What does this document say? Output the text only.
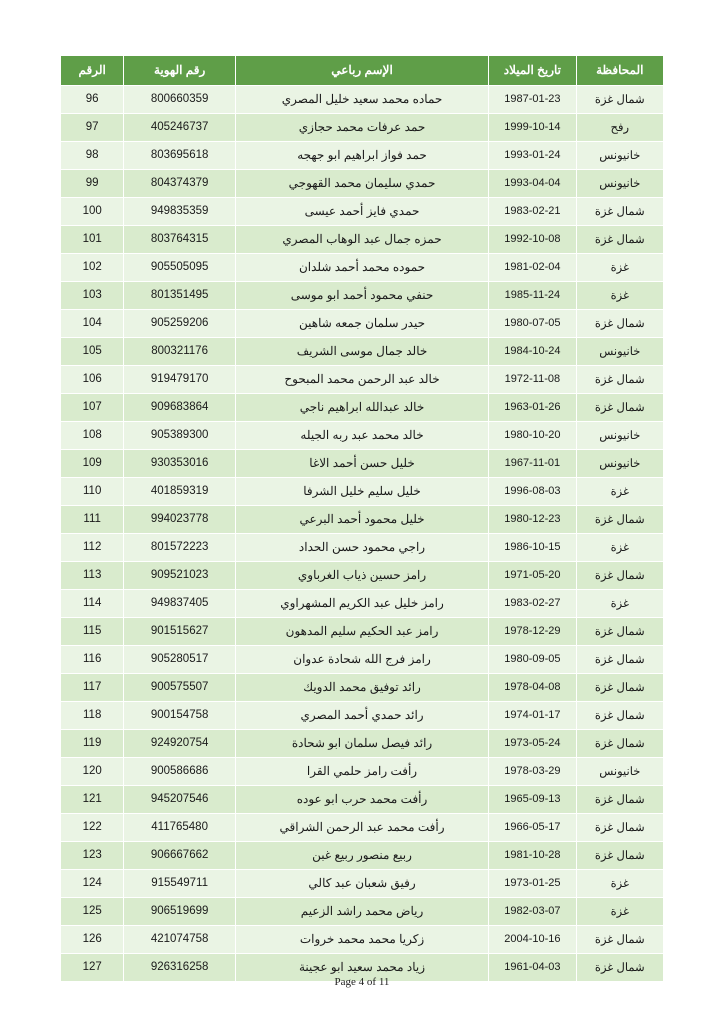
المحافظة	تاريخ الميلاد	الإسم رباعي	رقم الهوية	الرقم
شمال غزة	1987-01-23	حماده محمد سعيد خليل المصري	800660359	96
رفح	1999-10-14	حمد عرفات محمد حجازي	405246737	97
خانيونس	1993-01-24	حمد فواز ابراهيم ابو جهجه	803695618	98
خانيونس	1993-04-04	حمدي سليمان محمد القهوجي	804374379	99
شمال غزة	1983-02-21	حمدي فايز أحمد عيسى	949835359	100
شمال غزة	1992-10-08	حمزه جمال عبد الوهاب المصري	803764315	101
غزة	1981-02-04	حموده محمد أحمد شلدان	905505095	102
غزة	1985-11-24	حنفي محمود أحمد ابو موسى	801351495	103
شمال غزة	1980-07-05	حيدر سلمان جمعه شاهين	905259206	104
خانيونس	1984-10-24	خالد جمال موسى الشريف	800321176	105
شمال غزة	1972-11-08	خالد عبد الرحمن محمد المبحوح	919479170	106
شمال غزة	1963-01-26	خالد عبدالله ابراهيم ناجي	909683864	107
خانيونس	1980-10-20	خالد محمد عبد ربه الجيله	905389300	108
خانيونس	1967-11-01	خليل حسن أحمد الاغا	930353016	109
غزة	1996-08-03	خليل سليم خليل الشرفا	401859319	110
شمال غزة	1980-12-23	خليل محمود أحمد البرعي	994023778	111
غزة	1986-10-15	راجي محمود حسن الحداد	801572223	112
شمال غزة	1971-05-20	رامز حسين ذياب الغرباوي	909521023	113
غزة	1983-02-27	رامز خليل عبد الكريم المشهراوي	949837405	114
شمال غزة	1978-12-29	رامز عبد الحكيم سليم المدهون	901515627	115
شمال غزة	1980-09-05	رامز فرج الله شحادة عدوان	905280517	116
شمال غزة	1978-04-08	رائد توفيق محمد الدويك	900575507	117
شمال غزة	1974-01-17	رائد حمدي أحمد المصري	900154758	118
شمال غزة	1973-05-24	رائد فيصل سلمان ابو شحادة	924920754	119
خانيونس	1978-03-29	رأفت رامز حلمي القرا	900586686	120
شمال غزة	1965-09-13	رأفت محمد حرب ابو عوده	945207546	121
شمال غزة	1966-05-17	رأفت محمد عبد الرحمن الشراقي	411765480	122
شمال غزة	1981-10-28	ربيع منصور ربيع غبن	906667662	123
غزة	1973-01-25	رفيق شعبان عبد كالي	915549711	124
غزة	1982-03-07	رياض محمد راشد الزعيم	906519699	125
شمال غزة	2004-10-16	زكريا محمد محمد خروات	421074758	126
شمال غزة	1961-04-03	زياد محمد سعيد ابو عجينة	926316258	127
Page 4 of 11
